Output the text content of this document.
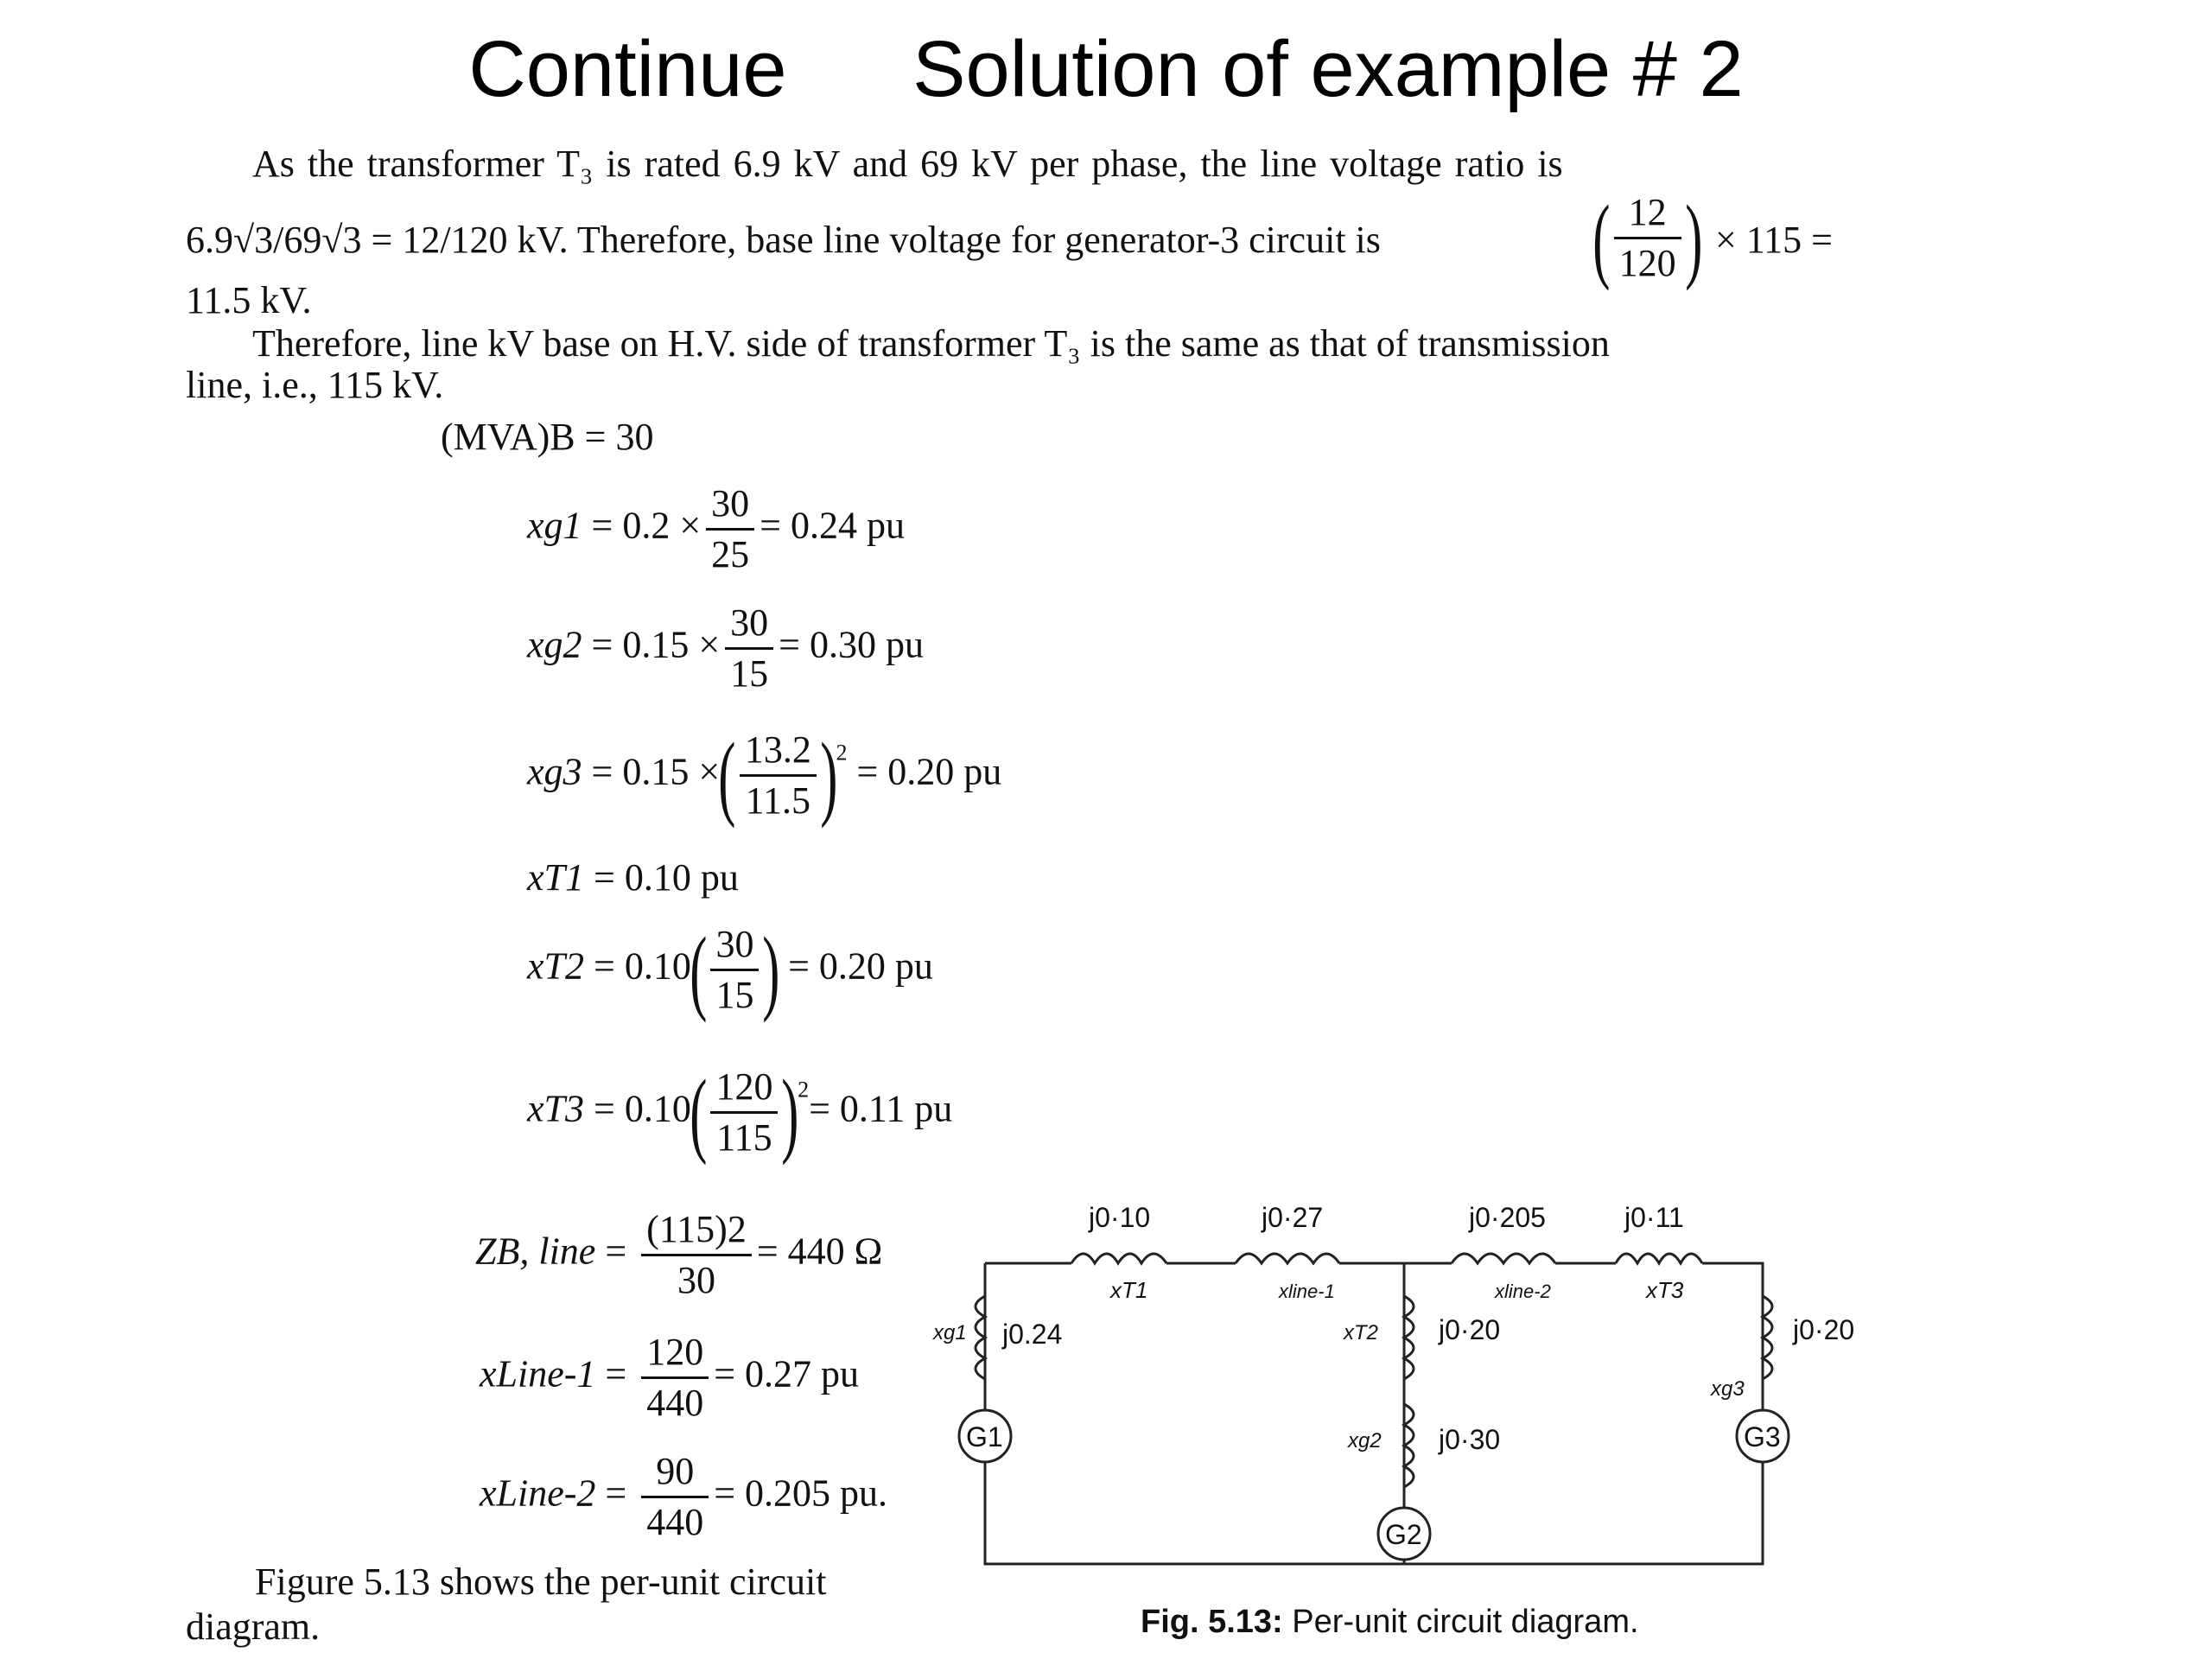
Continue Solution of example # 2
As the transformer T₃ is rated 6.9 kV and 69 kV per phase, the line voltage ratio is
6.9√3/69√3 = 12/120 kV. Therefore, base line voltage for generator-3 circuit is ( $\frac{12}{120}$ ) × 115 =
11.5 kV.
Therefore, line kV base on H.V. side of transformer T₃ is the same as that of transmission
line, i.e., 115 kV.
(MVA)B = 30
$xg1 = 0.2 \times \frac{30}{25} = 0.24$ pu
$xg2 = 0.15 \times \frac{30}{15} = 0.30$ pu
xg3 = 0.15 ×( $\frac{13.2}{11.5} )^2 = 0.20$ pu
xT1 = 0.10 pu
$xT2 = 0.10( \frac{30}{15}$ ) = 0.20 pu
$xT3 = 0.10( \frac{120}{115} )^2= 0.11$ pu
ZB, line = $\frac{(115)2}{30} = 440$ Ω
xLine-1 = $\frac{120}{440} = 0.27$ pu
xLine-2 = $\frac{90}{440} = 0.205$ pu.
Figure 5.13 shows the per-unit circuit
diagram.
G1
G2
G3
j0·10	j0·27	j0·205	j0·11
xT1	xline-1	xline-2	xT3
xg1 j0.24	xT2 j0·20
xg2 j0·30
xg3
j0·20
Fig. 5.13: Per-unit circuit diagram.
